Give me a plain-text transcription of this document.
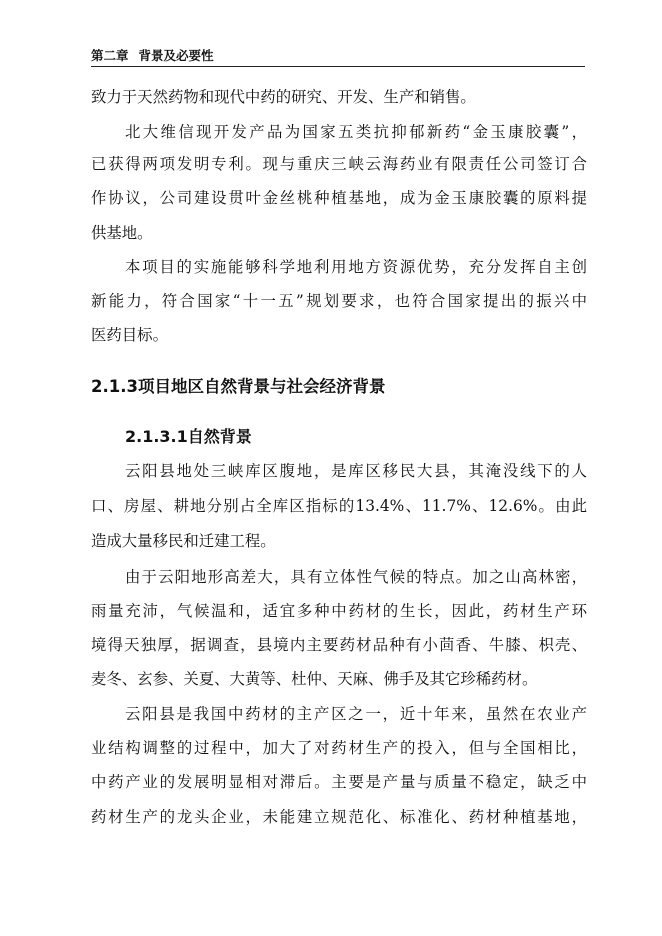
第二章 背景及必要性
致力于天然药物和现代中药的研究、开发、生产和销售。
北大维信现开发产品为国家五类抗抑郁新药“金玉康胶囊”，
已获得两项发明专利。现与重庆三峡云海药业有限责任公司签订合
作协议，公司建设贯叶金丝桃种植基地，成为金玉康胶囊的原料提
供基地。
本项目的实施能够科学地利用地方资源优势，充分发挥自主创
新能力，符合国家“十一五”规划要求，也符合国家提出的振兴中
医药目标。
2.1.3项目地区自然背景与社会经济背景
2.1.3.1自然背景
云阳县地处三峡库区腹地，是库区移民大县，其淹没线下的人
口、房屋、耕地分别占全库区指标的13.4%、11.7%、12.6%。由此
造成大量移民和迁建工程。
由于云阳地形高差大，具有立体性气候的特点。加之山高林密，
雨量充沛，气候温和，适宜多种中药材的生长，因此，药材生产环
境得天独厚，据调查，县境内主要药材品种有小茴香、牛膝、枳壳、
麦冬、玄参、关夏、大黄等、杜仲、天麻、佛手及其它珍稀药材。
云阳县是我国中药材的主产区之一，近十年来，虽然在农业产
业结构调整的过程中，加大了对药材生产的投入，但与全国相比，
中药产业的发展明显相对滞后。主要是产量与质量不稳定，缺乏中
药材生产的龙头企业，未能建立规范化、标准化、药材种植基地，
